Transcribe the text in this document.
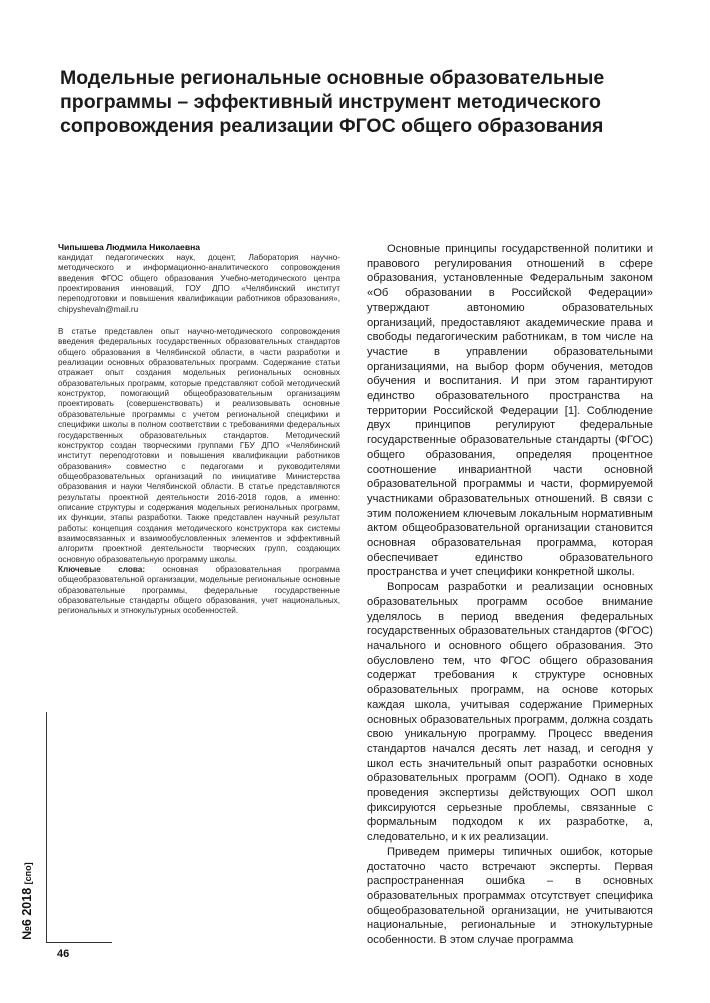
Модельные региональные основные образовательные
программы – эффективный инструмент методического
сопровождения реализации ФГОС общего образования
Чипышева Людмила Николаевна
кандидат педагогических наук, доцент, Лаборатория научно-методического и информационно-аналитического сопровождения введения ФГОС общего образования Учебно-методического центра проектирования инноваций, ГОУ ДПО «Челябинский институт переподготовки и повышения квалификации работников образования», chipyshevaln@mail.ru
В статье представлен опыт научно-методического сопровождения введения федеральных государственных образовательных стандартов общего образования в Челябинской области, в части разработки и реализации основных образовательных программ. Содержание статьи отражает опыт создания модельных региональных основных образовательных программ, которые представляют собой методический конструктор, помогающий общеобразовательным организациям проектировать (совершенствовать) и реализовывать основные образовательные программы с учетом региональной специфики и специфики школы в полном соответствии с требованиями федеральных государственных образовательных стандартов. Методический конструктор создан творческими группами ГБУ ДПО «Челябинский институт переподготовки и повышения квалификации работников образования» совместно с педагогами и руководителями общеобразовательных организаций по инициативе Министерства образования и науки Челябинской области. В статье представляются результаты проектной деятельности 2016-2018 годов, а именно: описание структуры и содержания модельных региональных программ, их функции, этапы разработки. Также представлен научный результат работы: концепция создания методического конструктора как системы взаимосвязанных и взаимообусловленных элементов и эффективный алгоритм проектной деятельности творческих групп, создающих основную образовательную программу школы.
Ключевые слова: основная образовательная программа общеобразовательной организации, модельные региональные основные образовательные программы, федеральные государственные образовательные стандарты общего образования, учет национальных, региональных и этнокультурных особенностей.

Основные принципы государственной политики и правового регулирования отношений в сфере образования, установленные Федеральным законом «Об образовании в Российской Федерации» утверждают автономию образовательных организаций, предоставляют академические права и свободы педагогическим работникам, в том числе на участие в управлении образовательными организациями, на выбор форм обучения, методов обучения и воспитания. И при этом гарантируют единство образовательного пространства на территории Российской Федерации [1]. Соблюдение двух принципов регулируют федеральные государственные образовательные стандарты (ФГОС) общего образования, определяя процентное соотношение инвариантной части основной образовательной программы и части, формируемой участниками образовательных отношений. В связи с этим положением ключевым локальным нормативным актом общеобразовательной организации становится основная образовательная программа, которая обеспечивает единство образовательного пространства и учет специфики конкретной школы.

Вопросам разработки и реализации основных образовательных программ особое внимание уделялось в период введения федеральных государственных образовательных стандартов (ФГОС) начального и основного общего образования. Это обусловлено тем, что ФГОС общего образования содержат требования к структуре основных образовательных программ, на основе которых каждая школа, учитывая содержание Примерных основных образовательных программ, должна создать свою уникальную программу. Процесс введения стандартов начался десять лет назад, и сегодня у школ есть значительный опыт разработки основных образовательных программ (ООП). Однако в ходе проведения экспертизы действующих ООП школ фиксируются серьезные проблемы, связанные с формальным подходом к их разработке, а, следовательно, и к их реализации.

Приведем примеры типичных ошибок, которые достаточно часто встречают эксперты. Первая распространенная ошибка – в основных образовательных программах отсутствует специфика общеобразовательной организации, не учитываются национальные, региональные и этнокультурные особенности. В этом случае программа

№6 2018 [спо]
46
